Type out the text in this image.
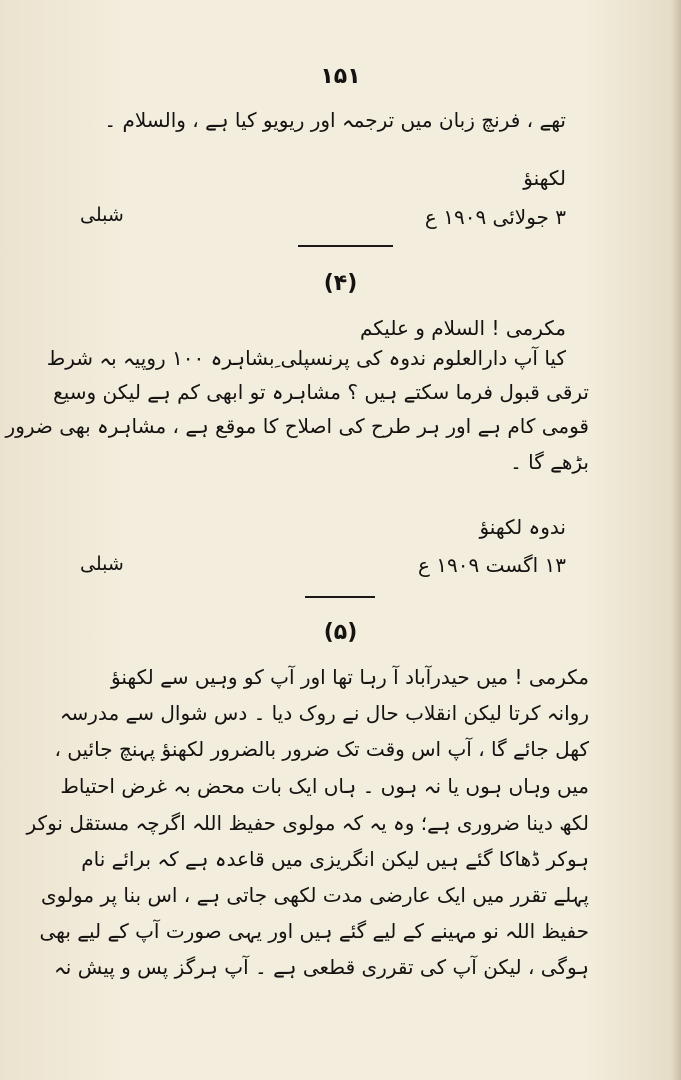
۱۵۱
تھے ، فرنچ زبان میں ترجمہ اور ریویو کیا ہے ، والسلام ۔
لکھنؤ
۳ جولائی ۱۹۰۹ ع
شبلی
(۴)
مکرمی ! السلام و علیکم
کیا آپ دارالعلوم ندوہ کی پرنسپلی ِبشاہرہ ۱۰۰ روپیہ بہ شرط
ترقی قبول فرما سکتے ہیں ؟ مشاہرہ تو ابھی کم ہے لیکن وسیع
قومی کام ہے اور ہر طرح کی اصلاح کا موقع ہے ، مشاہرہ بھی ضرور
بڑھے گا ۔
ندوہ لکھنؤ
۱۳ اگست ۱۹۰۹ ع
شبلی
(۵)
مکرمی ! میں حیدرآباد آ رہا تھا اور آپ کو وہیں سے لکھنؤ
روانہ کرتا لیکن انقلاب حال نے روک دیا ۔ دس شوال سے مدرسہ
کھل جائے گا ، آپ اس وقت تک ضرور بالضرور لکھنؤ پہنچ جائیں ،
میں وہاں ہوں یا نہ ہوں ۔ ہاں ایک بات محض بہ غرض احتیاط
لکھ دینا ضروری ہے؛ وہ یہ کہ مولوی حفیظ اللہ اگرچہ مستقل نوکر
ہوکر ڈھاکا گئے ہیں لیکن انگریزی میں قاعدہ ہے کہ برائے نام
پہلے تقرر میں ایک عارضی مدت لکھی جاتی ہے ، اس بنا پر مولوی
حفیظ اللہ نو مہینے کے لیے گئے ہیں اور یہی صورت آپ کے لیے بھی
ہوگی ، لیکن آپ کی تقرری قطعی ہے ۔ آپ ہرگز پس و پیش نہ
